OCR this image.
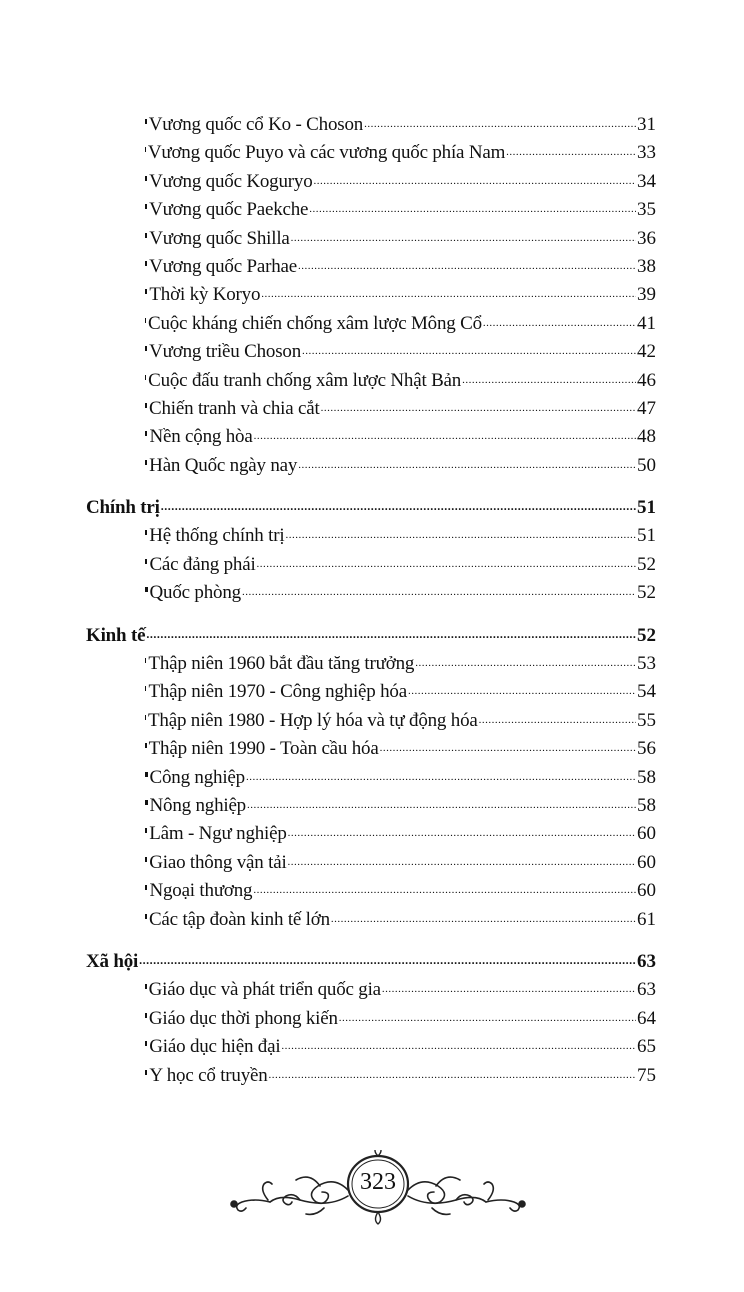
Vương quốc cổ Ko - Choson .....	31
Vương quốc Puyo và các vương quốc phía Nam .....	33
Vương quốc Koguryo .....	34
Vương quốc Paekche .....	35
Vương quốc Shilla .....	36
Vương quốc Parhae .....	38
Thời kỳ Koryo .....	39
Cuộc kháng chiến chống xâm lược Mông Cổ .....	41
Vương triều Choson .....	42
Cuộc đấu tranh chống xâm lược Nhật Bản .....	46
Chiến tranh và chia cắt .....	47
Nền cộng hòa .....	48
Hàn Quốc ngày nay .....	50
Chính trị .....	51
Hệ thống chính trị .....	51
Các đảng phái .....	52
Quốc phòng .....	52
Kinh tế .....	52
Thập niên 1960 bắt đầu tăng trưởng .....	53
Thập niên 1970 - Công nghiệp hóa .....	54
Thập niên 1980 - Hợp lý hóa và tự động hóa .....	55
Thập niên 1990 - Toàn cầu hóa .....	56
Công nghiệp .....	58
Nông nghiệp .....	58
Lâm - Ngư nghiệp .....	60
Giao thông vận tải .....	60
Ngoại thương .....	60
Các tập đoàn kinh tế lớn .....	61
Xã hội .....	63
Giáo dục và phát triển quốc gia .....	63
Giáo dục thời phong kiến .....	64
Giáo dục hiện đại .....	65
Y học cổ truyền .....	75
323
